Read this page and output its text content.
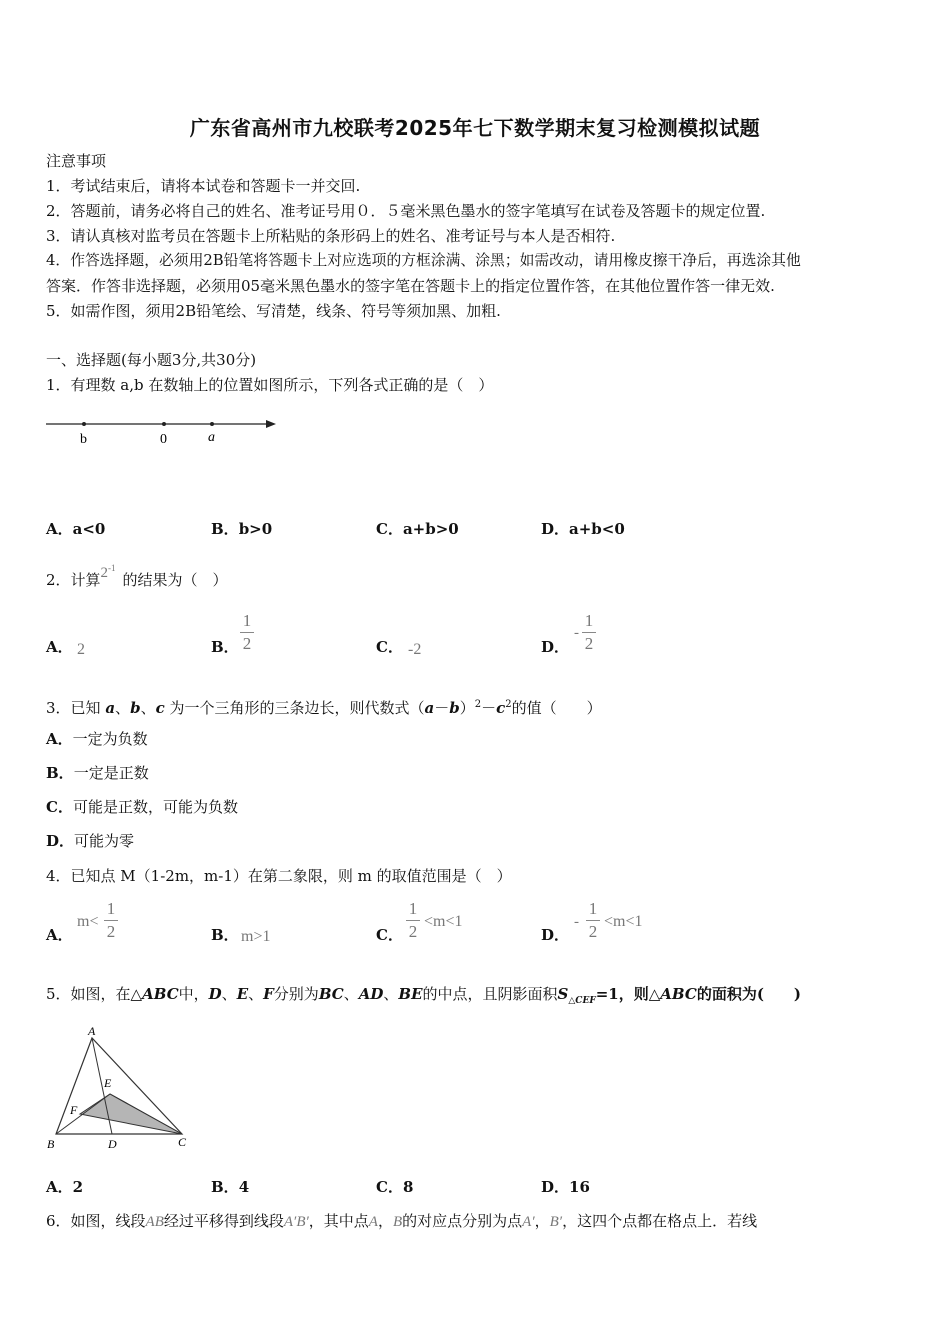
广东省高州市九校联考2025年七下数学期末复习检测模拟试题
注意事项
1．考试结束后，请将本试卷和答题卡一并交回.
2．答题前，请务必将自己的姓名、准考证号用０．５毫米黑色墨水的签字笔填写在试卷及答题卡的规定位置.
3．请认真核对监考员在答题卡上所粘贴的条形码上的姓名、准考证号与本人是否相符.
4．作答选择题，必须用2B铅笔将答题卡上对应选项的方框涂满、涂黑；如需改动，请用橡皮擦干净后，再选涂其他
答案．作答非选择题，必须用05毫米黑色墨水的签字笔在答题卡上的指定位置作答，在其他位置作答一律无效.
5．如需作图，须用2B铅笔绘、写清楚，线条、符号等须加黑、加粗.
一、选择题(每小题3分,共30分)
1．有理数 a,b 在数轴上的位置如图所示，下列各式正确的是（　）
b	0	a
A．a<0	B．b>0	C．a+b>0	D．a+b<0
2．计算$2^{-1}$的结果为（　）
A． 2	B．
1
2	C． -2	D．
-
1
2
3．已知 a、b、c 为一个三角形的三条边长，则代数式$(a-b)^2-c^2$的值（　　）
A．一定为负数
B．一定是正数
C．可能是正数，可能为负数
D．可能为零
4．已知点 M（1-2m，m-1）在第二象限，则 m 的取值范围是（　）
A．
m<
1
2	B． m>1	C．
1
2
<m<1
D．
-
1
2
<m<1
5．如图，在△ABC中，D、E、F分别为BC、AD、BE的中点，且阴影面积$S_{\triangle CEF}=1$，则△ABC的面积为(　　)
A
E
F
B	D	C
A．2	B．4	C．8	D．16
6．如图，线段AB经过平移得到线段A′B′，其中点A，B的对应点分别为点A′，B′，这四个点都在格点上．若线
